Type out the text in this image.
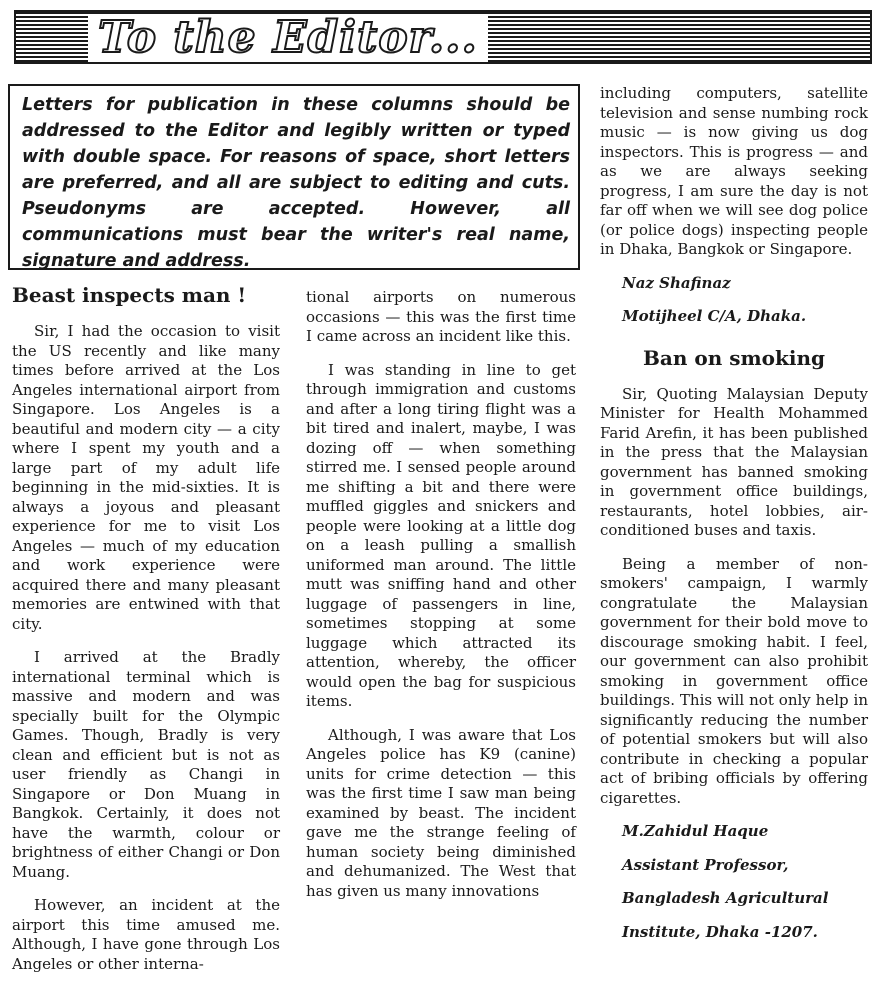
To the Editor...
Letters for publication in these columns should be addressed to the Editor and legibly written or typed with double space. For reasons of space, short letters are preferred, and all are subject to editing and cuts. Pseudonyms are accepted. However, all communications must bear the writer's real name, signature and address.
Beast inspects man !

Sir, I had the occasion to visit the US recently and like many times before arrived at the Los Angeles international airport from Singapore. Los Angeles is a beautiful and modern city — a city where I spent my youth and a large part of my adult life beginning in the mid-sixties. It is always a joyous and pleasant experience for me to visit Los Angeles — much of my education and work experience were acquired there and many pleasant memories are entwined with that city.

I arrived at the Bradly international terminal which is massive and modern and was specially built for the Olympic Games. Though, Bradly is very clean and efficient but is not as user friendly as Changi in Singapore or Don Muang in Bangkok. Certainly, it does not have the warmth, colour or brightness of either Changi or Don Muang.

However, an incident at the airport this time amused me. Although, I have gone through Los Angeles or other interna-

tional airports on numerous occasions — this was the first time I came across an incident like this.

I was standing in line to get through immigration and customs and after a long tiring flight was a bit tired and inalert, maybe, I was dozing off — when something stirred me. I sensed people around me shifting a bit and there were muffled giggles and snickers and people were looking at a little dog on a leash pulling a smallish uniformed man around. The little mutt was sniffing hand and other luggage of passengers in line, sometimes stopping at some luggage which attracted its attention, whereby, the officer would open the bag for suspicious items.

Although, I was aware that Los Angeles police has K9 (canine) units for crime detection — this was the first time I saw man being examined by beast. The incident gave me the strange feeling of human society being diminished and dehumanized. The West that has given us many innovations

including computers, satellite television and sense numbing rock music — is now giving us dog inspectors. This is progress — and as we are always seeking progress, I am sure the day is not far off when we will see dog police (or police dogs) inspecting people in Dhaka, Bangkok or Singapore.

Naz Shafinaz

Motijheel C/A, Dhaka.

Ban on smoking

Sir, Quoting Malaysian Deputy Minister for Health Mohammed Farid Arefin, it has been published in the press that the Malaysian government has banned smoking in government office buildings, restaurants, hotel lobbies, air-conditioned buses and taxis.

Being a member of non-smokers' campaign, I warmly congratulate the Malaysian government for their bold move to discourage smoking habit. I feel, our government can also prohibit smoking in government office buildings. This will not only help in significantly reducing the number of potential smokers but will also contribute in checking a popular act of bribing officials by offering cigarettes.

M.Zahidul Haque

Assistant Professor,

Bangladesh Agricultural

Institute, Dhaka -1207.
